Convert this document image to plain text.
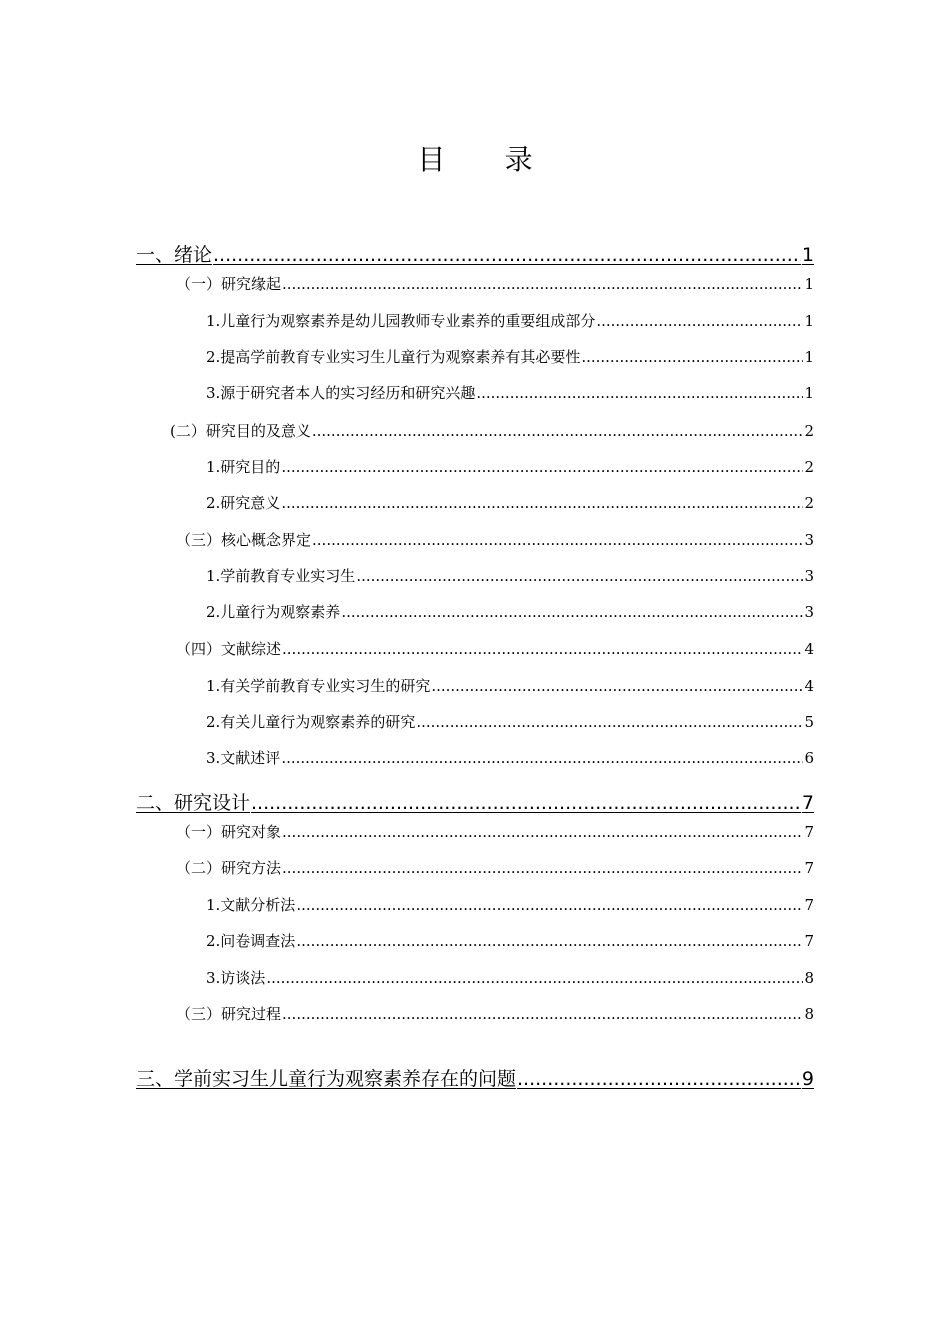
目 录
一、绪论 .....	1
（一）研究缘起 .....	1
1.儿童行为观察素养是幼儿园教师专业素养的重要组成部分 .....	1
2.提高学前教育专业实习生儿童行为观察素养有其必要性 .....	1
3.源于研究者本人的实习经历和研究兴趣 .....	1
(二）研究目的及意义 .....	2
1.研究目的 .....	2
2.研究意义 .....	2
（三）核心概念界定 .....	3
1.学前教育专业实习生 .....	3
2.儿童行为观察素养 .....	3
（四）文献综述 .....	4
1.有关学前教育专业实习生的研究 .....	4
2.有关儿童行为观察素养的研究 .....	5
3.文献述评 .....	6
二、研究设计 .....	7
（一）研究对象 .....	7
（二）研究方法 .....	7
1.文献分析法 .....	7
2.问卷调查法 .....	7
3.访谈法 .....	8
（三）研究过程 .....	8
三、学前实习生儿童行为观察素养存在的问题 .....	9
